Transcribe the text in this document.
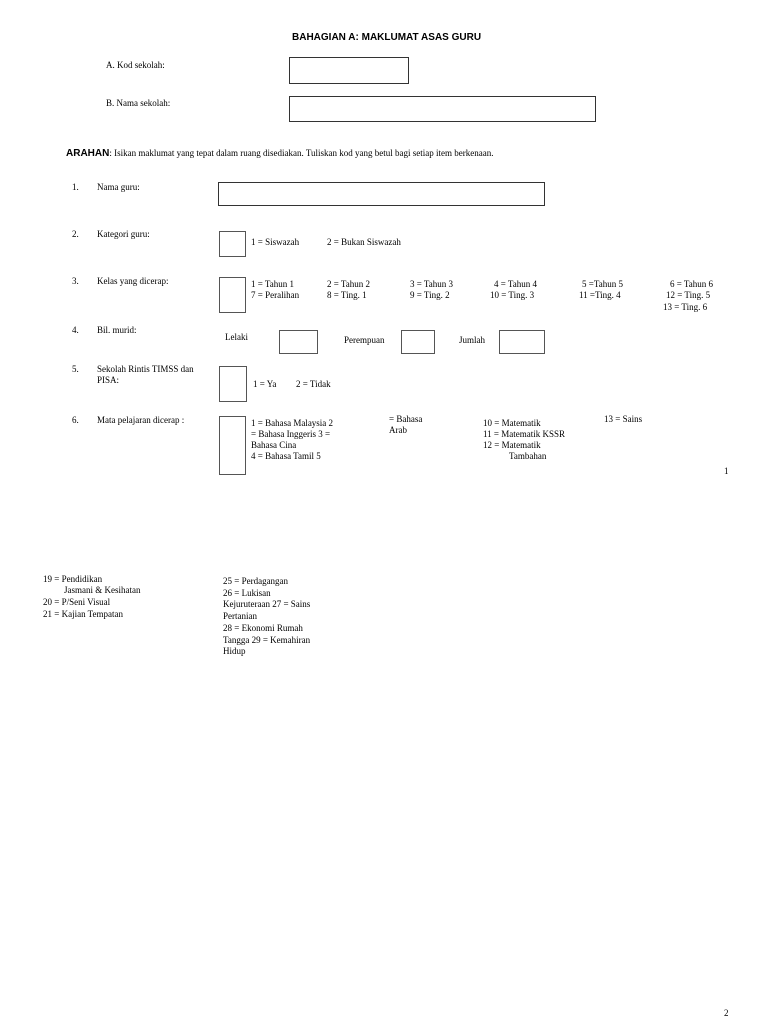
BAHAGIAN A: MAKLUMAT ASAS GURU
A. Kod sekolah:
B. Nama sekolah:
ARAHAN: Isikan maklumat yang tepat dalam ruang disediakan. Tuliskan kod yang betul bagi setiap item berkenaan.
1. Nama guru:
2. Kategori guru:
1 = Siswazah	2 = Bukan Siswazah
3. Kelas yang dicerap:	1 = Tahun 1	2 = Tahun 2	3 = Tahun 3	4 = Tahun 4	5 =Tahun 5	6 = Tahun 6
7 = Peralihan	8 = Ting. 1	9 = Ting. 2	10 = Ting. 3	11 =Ting. 4	12 = Ting. 5
13 = Ting. 6
4. Bil. murid:
Lelaki	Perempuan	Jumlah
5. Sekolah Rintis TIMSS dan PISA:	1 = Ya 2 = Tidak
6. Mata pelajaran dicerap :	1 = Bahasa Malaysia 2
= Bahasa Inggeris 3 =
Bahasa Cina
4 = Bahasa Tamil 5
= Bahasa
Arab
10 = Matematik
11 = Matematik KSSR
12 = Matematik
Tambahan
13 = Sains
1
19 = Pendidikan
Jasmani & Kesihatan
20 = P/Seni Visual
21 = Kajian Tempatan
25 = Perdagangan
26 = Lukisan
Kejuruteraan 27 = Sains
Pertanian
28 = Ekonomi Rumah
Tangga 29 = Kemahiran
Hidup
2
